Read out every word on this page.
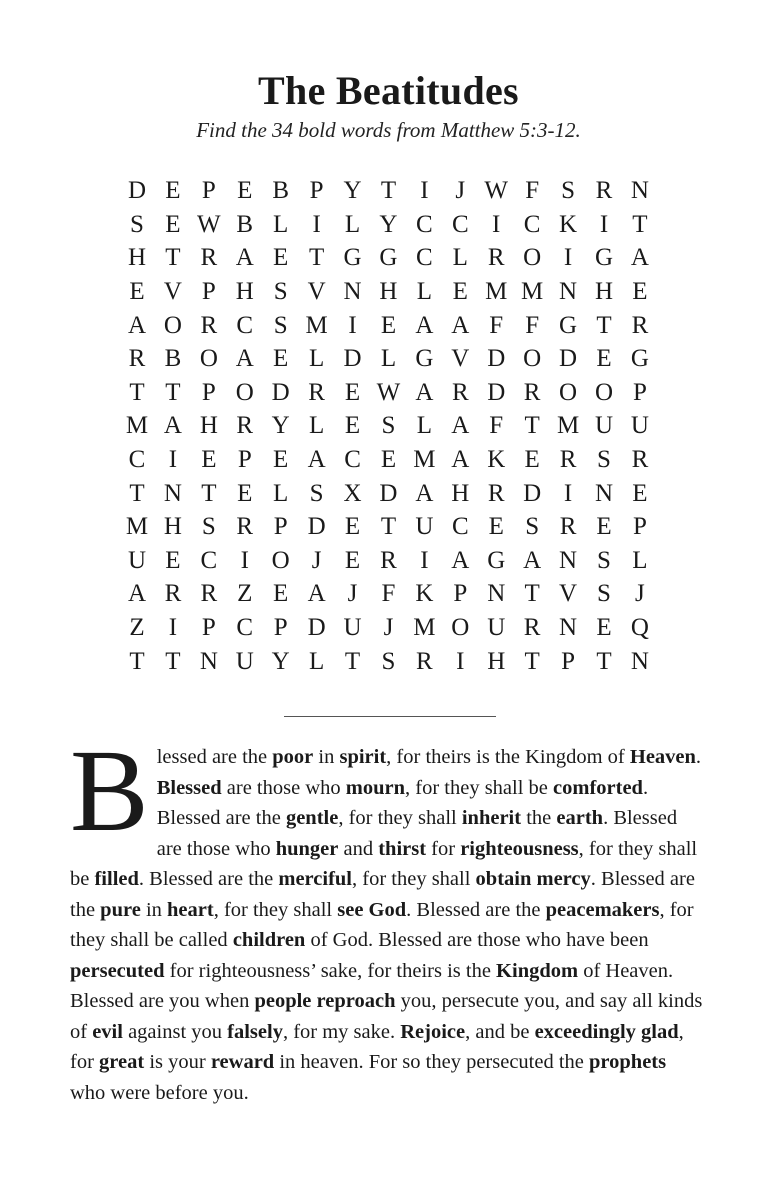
The Beatitudes
Find the 34 bold words from Matthew 5:3-12.
D E P E B P Y T I	J W F S R N
S E W B L I L Y C C I C K I T
H T R A E T G G C L R O I G A
E V P H S V N H L E M M N H E
A O R C S M I E A A F F G T R
R B O A E L D L G V D O D E G
T T P O D R E W A R D R O O P
M A H R Y L E S L A F T M U U
C I E P E A C E M A K E R S R
T N T E L S X D A H R D I N E
M H S R P D E T U C E S R E P
U E C I O J E R I A G A N S L
A R R Z E A J F K P N T V S J
Z I P C P D U J M O U R N E Q
T T N U Y L T S R I H T P T N
B lessed are the poor in spirit, for theirs is the Kingdom of Heaven. Blessed are those who mourn, for they shall be comforted. Blessed are the gentle, for they shall inherit the earth. Blessed are those who hunger and thirst for righteousness, for they shall be filled. Blessed are the merciful, for they shall obtain mercy. Blessed are the pure in heart, for they shall see God. Blessed are the peacemakers, for they shall be called children of God. Blessed are those who have been persecuted for righteousness’ sake, for theirs is the Kingdom of Heaven. Blessed are you when people reproach you, persecute you, and say all kinds of evil against you falsely, for my sake. Rejoice, and be exceedingly glad, for great is your reward in heaven. For so they persecuted the prophets who were before you.
